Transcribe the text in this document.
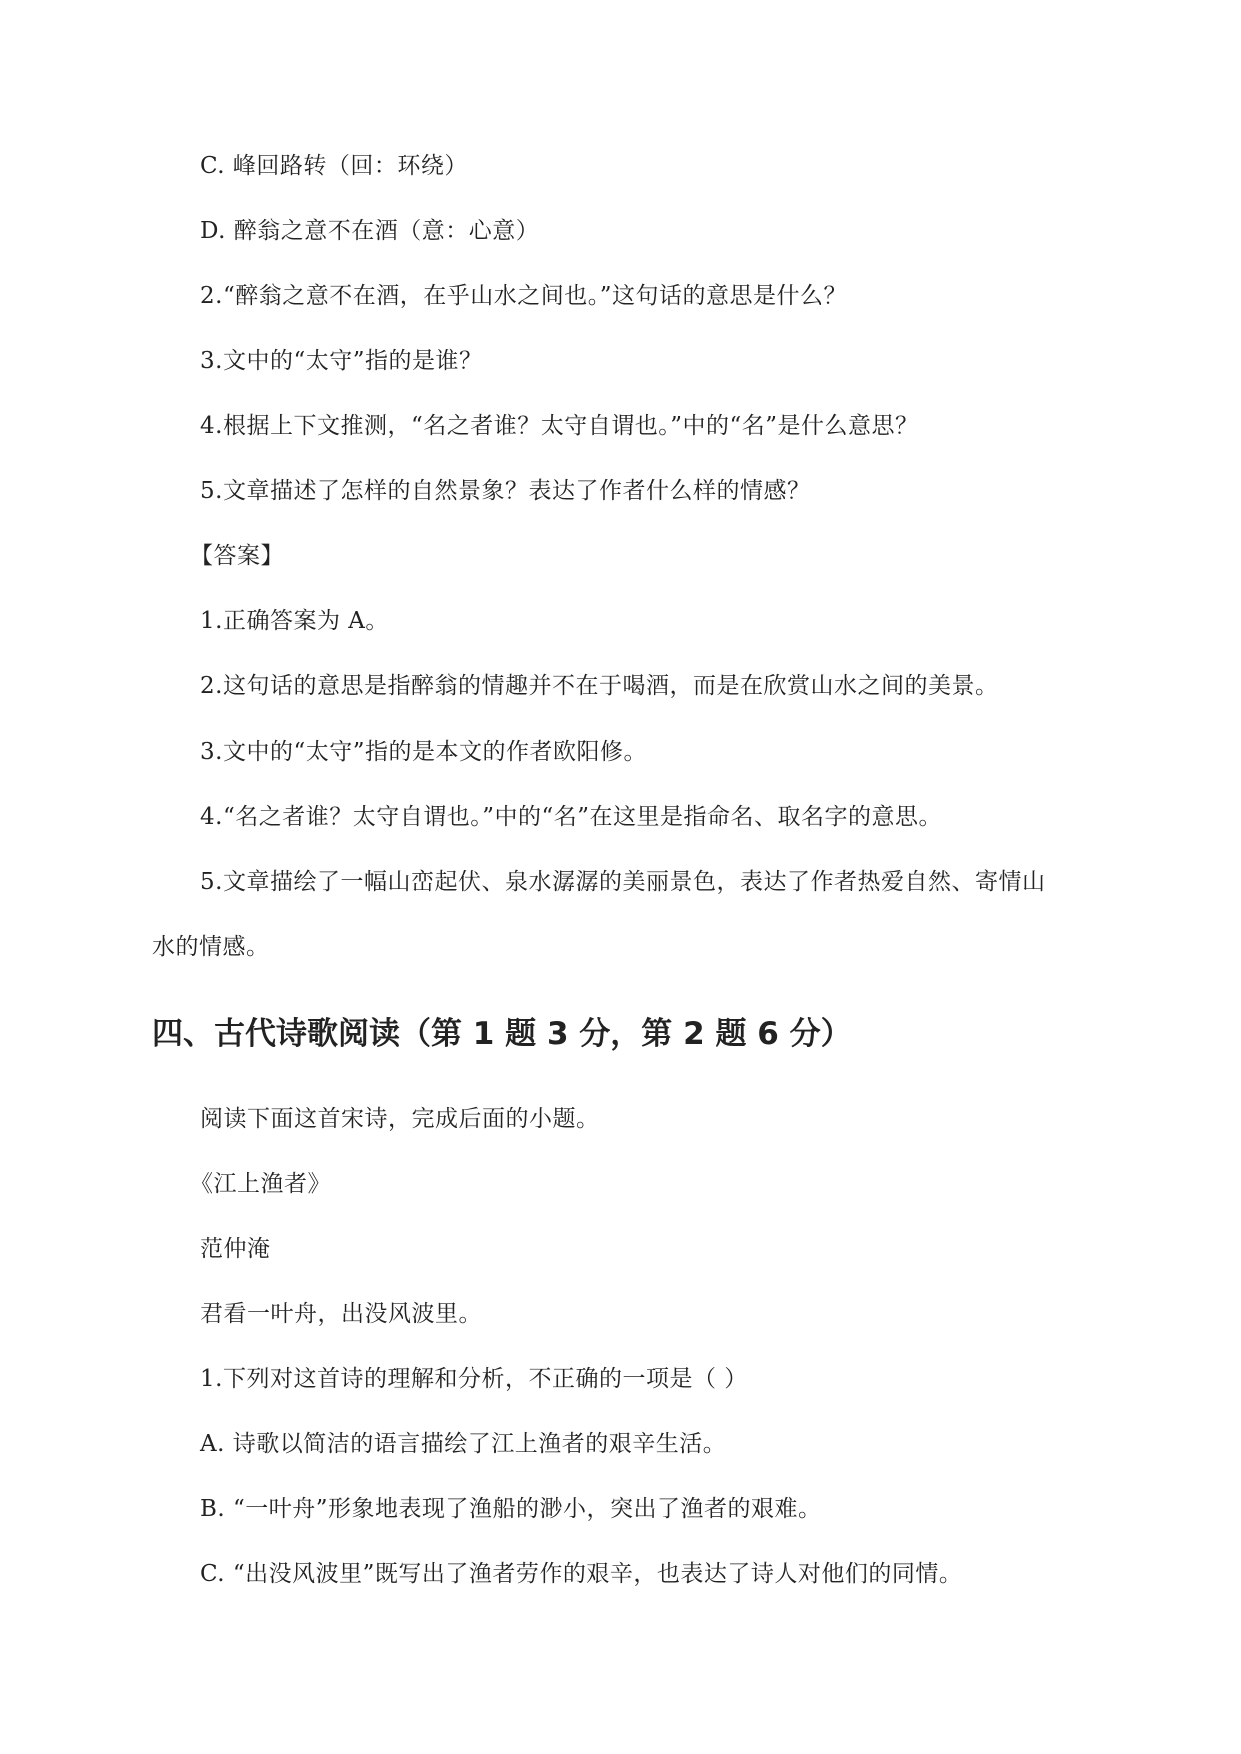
C. 峰回路转（回：环绕）
D. 醉翁之意不在酒（意：心意）
2.“醉翁之意不在酒，在乎山水之间也。”这句话的意思是什么？
3.文中的“太守”指的是谁？
4.根据上下文推测，“名之者谁？太守自谓也。”中的“名”是什么意思？
5.文章描述了怎样的自然景象？表达了作者什么样的情感？
【答案】
1.正确答案为 A。
2.这句话的意思是指醉翁的情趣并不在于喝酒，而是在欣赏山水之间的美景。
3.文中的“太守”指的是本文的作者欧阳修。
4.“名之者谁？太守自谓也。”中的“名”在这里是指命名、取名字的意思。
5.文章描绘了一幅山峦起伏、泉水潺潺的美丽景色，表达了作者热爱自然、寄情山
水的情感。
四、古代诗歌阅读（第 1 题 3 分，第 2 题 6 分）
阅读下面这首宋诗，完成后面的小题。
《江上渔者》
范仲淹
君看一叶舟，出没风波里。
1.下列对这首诗的理解和分析，不正确的一项是（ ）
A. 诗歌以简洁的语言描绘了江上渔者的艰辛生活。
B. “一叶舟”形象地表现了渔船的渺小，突出了渔者的艰难。
C. “出没风波里”既写出了渔者劳作的艰辛，也表达了诗人对他们的同情。
